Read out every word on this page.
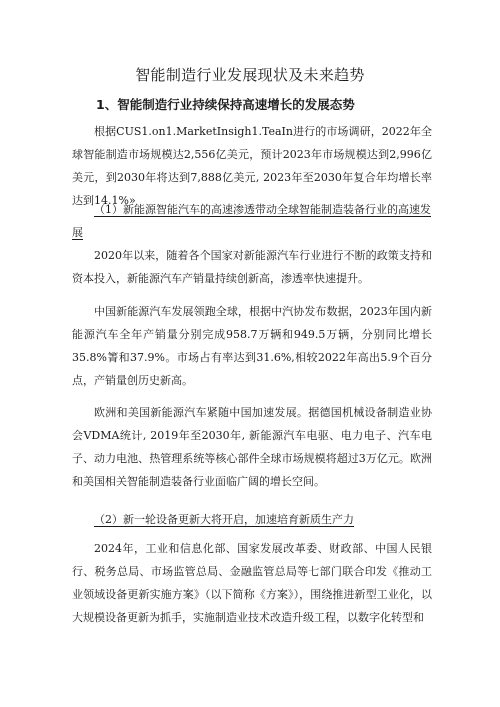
智能制造行业发展现状及未来趋势
1、智能制造行业持续保持高速增长的发展态势

根据CUS1.on1.MarketInsigh1.TeaIn进行的市场调研，2022年全球智能制造市场规模达2,556亿美元，预计2023年市场规模达到2,996亿美元，到2030年将达到7,888亿美元, 2023年至2030年复合年均增长率达到14.1%»

（1）新能源智能汽车的高速渗透带动全球智能制造装备行业的高速发展

2020年以来，随着各个国家对新能源汽车行业进行不断的政策支持和资本投入，新能源汽车产销量持续创新高，渗透率快速提升。

中国新能源汽车发展领跑全球，根据中汽协发布数据，2023年国内新能源汽车全年产销量分别完成958.7万辆和949.5万辆，分别同比增长35.8%箐和37.9%。市场占有率达到31.6%,相较2022年高出5.9个百分点，产销量创历史新高。

欧洲和美国新能源汽车紧随中国加速发展。据德国机械设备制造业协会VDMA统计, 2019年至2030年, 新能源汽车电驱、电力电子、汽车电子、动力电池、热管理系统等核心部件全球市场规模将超过3万亿元。欧洲和美国相关智能制造装备行业面临广阔的增长空间。

（2）新一轮设备更新大将开启，加速培育新质生产力

2024年，工业和信息化部、国家发展改革委、财政部、中国人民银行、税务总局、市场监管总局、金融监管总局等七部门联合印发《推动工业领域设备更新实施方案》（以下简称《方案》），围绕推进新型工业化，以大规模设备更新为抓手，实施制造业技术改造升级工程，以数字化转型和
